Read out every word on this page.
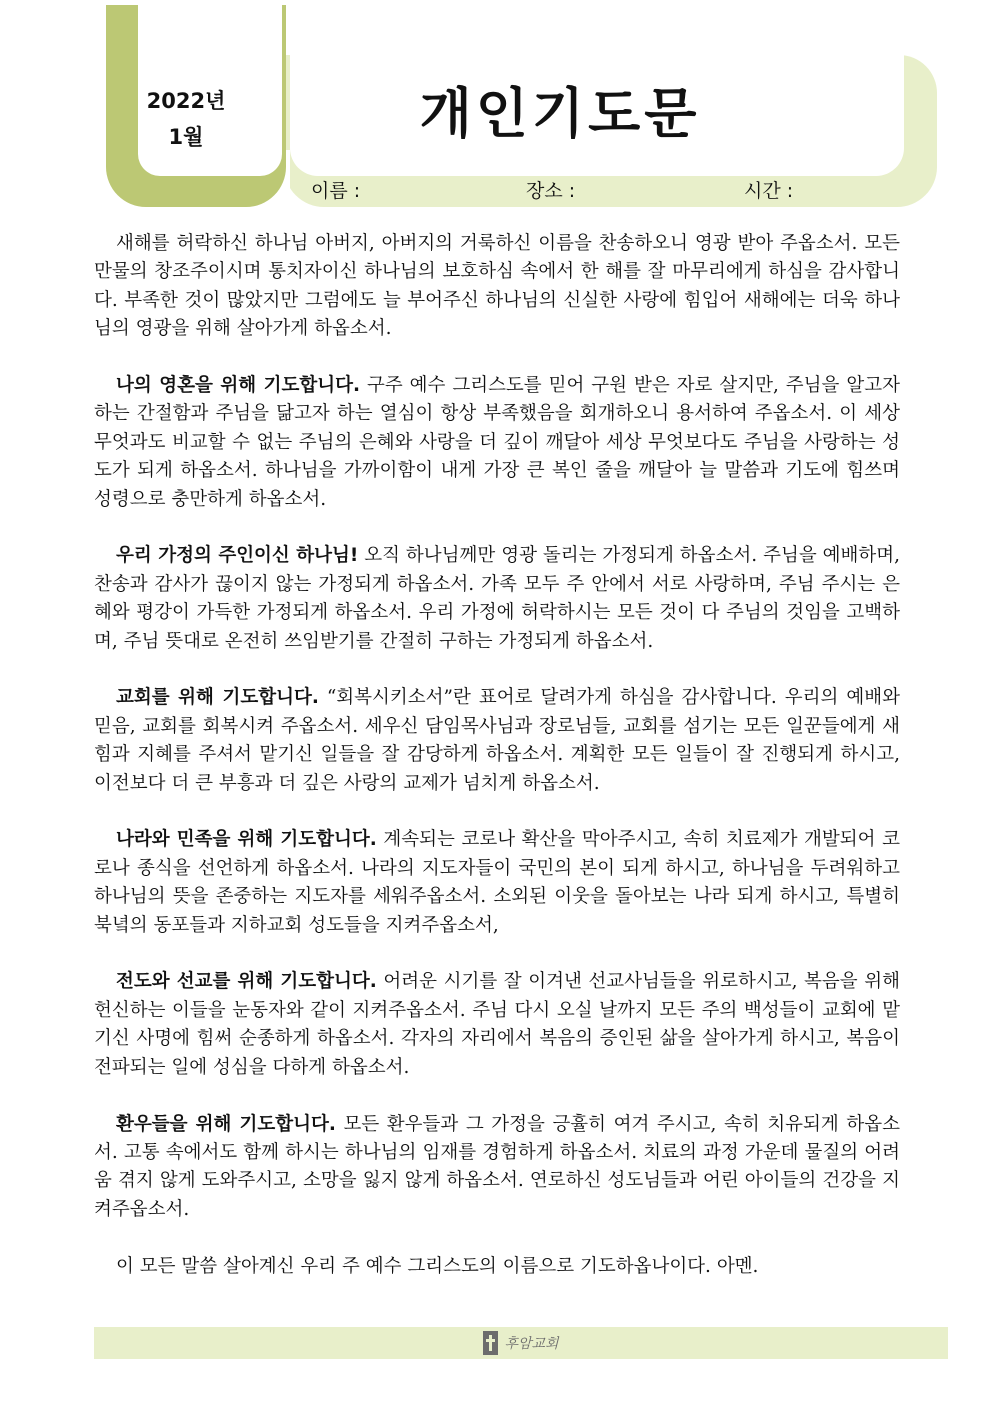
2022년
1월	개인기도문
이름 :	장소 :	시간 :

새해를 허락하신 하나님 아버지, 아버지의 거룩하신 이름을 찬송하오니 영광 받아 주옵소서. 모든 만물의 창조주이시며 통치자이신 하나님의 보호하심 속에서 한 해를 잘 마무리에게 하심을 감사합니다. 부족한 것이 많았지만 그럼에도 늘 부어주신 하나님의 신실한 사랑에 힘입어 새해에는 더욱 하나님의 영광을 위해 살아가게 하옵소서.

나의 영혼을 위해 기도합니다. 구주 예수 그리스도를 믿어 구원 받은 자로 살지만, 주님을 알고자 하는 간절함과 주님을 닮고자 하는 열심이 항상 부족했음을 회개하오니 용서하여 주옵소서. 이 세상 무엇과도 비교할 수 없는 주님의 은혜와 사랑을 더 깊이 깨달아 세상 무엇보다도 주님을 사랑하는 성도가 되게 하옵소서. 하나님을 가까이함이 내게 가장 큰 복인 줄을 깨달아 늘 말씀과 기도에 힘쓰며 성령으로 충만하게 하옵소서.

우리 가정의 주인이신 하나님! 오직 하나님께만 영광 돌리는 가정되게 하옵소서. 주님을 예배하며, 찬송과 감사가 끊이지 않는 가정되게 하옵소서. 가족 모두 주 안에서 서로 사랑하며, 주님 주시는 은혜와 평강이 가득한 가정되게 하옵소서. 우리 가정에 허락하시는 모든 것이 다 주님의 것임을 고백하며, 주님 뜻대로 온전히 쓰임받기를 간절히 구하는 가정되게 하옵소서.

교회를 위해 기도합니다. “회복시키소서”란 표어로 달려가게 하심을 감사합니다. 우리의 예배와 믿음, 교회를 회복시켜 주옵소서. 세우신 담임목사님과 장로님들, 교회를 섬기는 모든 일꾼들에게 새 힘과 지혜를 주셔서 맡기신 일들을 잘 감당하게 하옵소서. 계획한 모든 일들이 잘 진행되게 하시고, 이전보다 더 큰 부흥과 더 깊은 사랑의 교제가 넘치게 하옵소서.

나라와 민족을 위해 기도합니다. 계속되는 코로나 확산을 막아주시고, 속히 치료제가 개발되어 코로나 종식을 선언하게 하옵소서. 나라의 지도자들이 국민의 본이 되게 하시고, 하나님을 두려워하고 하나님의 뜻을 존중하는 지도자를 세워주옵소서. 소외된 이웃을 돌아보는 나라 되게 하시고, 특별히 북녘의 동포들과 지하교회 성도들을 지켜주옵소서,

전도와 선교를 위해 기도합니다. 어려운 시기를 잘 이겨낸 선교사님들을 위로하시고, 복음을 위해 헌신하는 이들을 눈동자와 같이 지켜주옵소서. 주님 다시 오실 날까지 모든 주의 백성들이 교회에 맡기신 사명에 힘써 순종하게 하옵소서. 각자의 자리에서 복음의 증인된 삶을 살아가게 하시고, 복음이 전파되는 일에 성심을 다하게 하옵소서.

환우들을 위해 기도합니다. 모든 환우들과 그 가정을 긍휼히 여겨 주시고, 속히 치유되게 하옵소서. 고통 속에서도 함께 하시는 하나님의 임재를 경험하게 하옵소서. 치료의 과정 가운데 물질의 어려움 겪지 않게 도와주시고, 소망을 잃지 않게 하옵소서. 연로하신 성도님들과 어린 아이들의 건강을 지켜주옵소서.

이 모든 말씀 살아계신 우리 주 예수 그리스도의 이름으로 기도하옵나이다. 아멘.

후암교회
